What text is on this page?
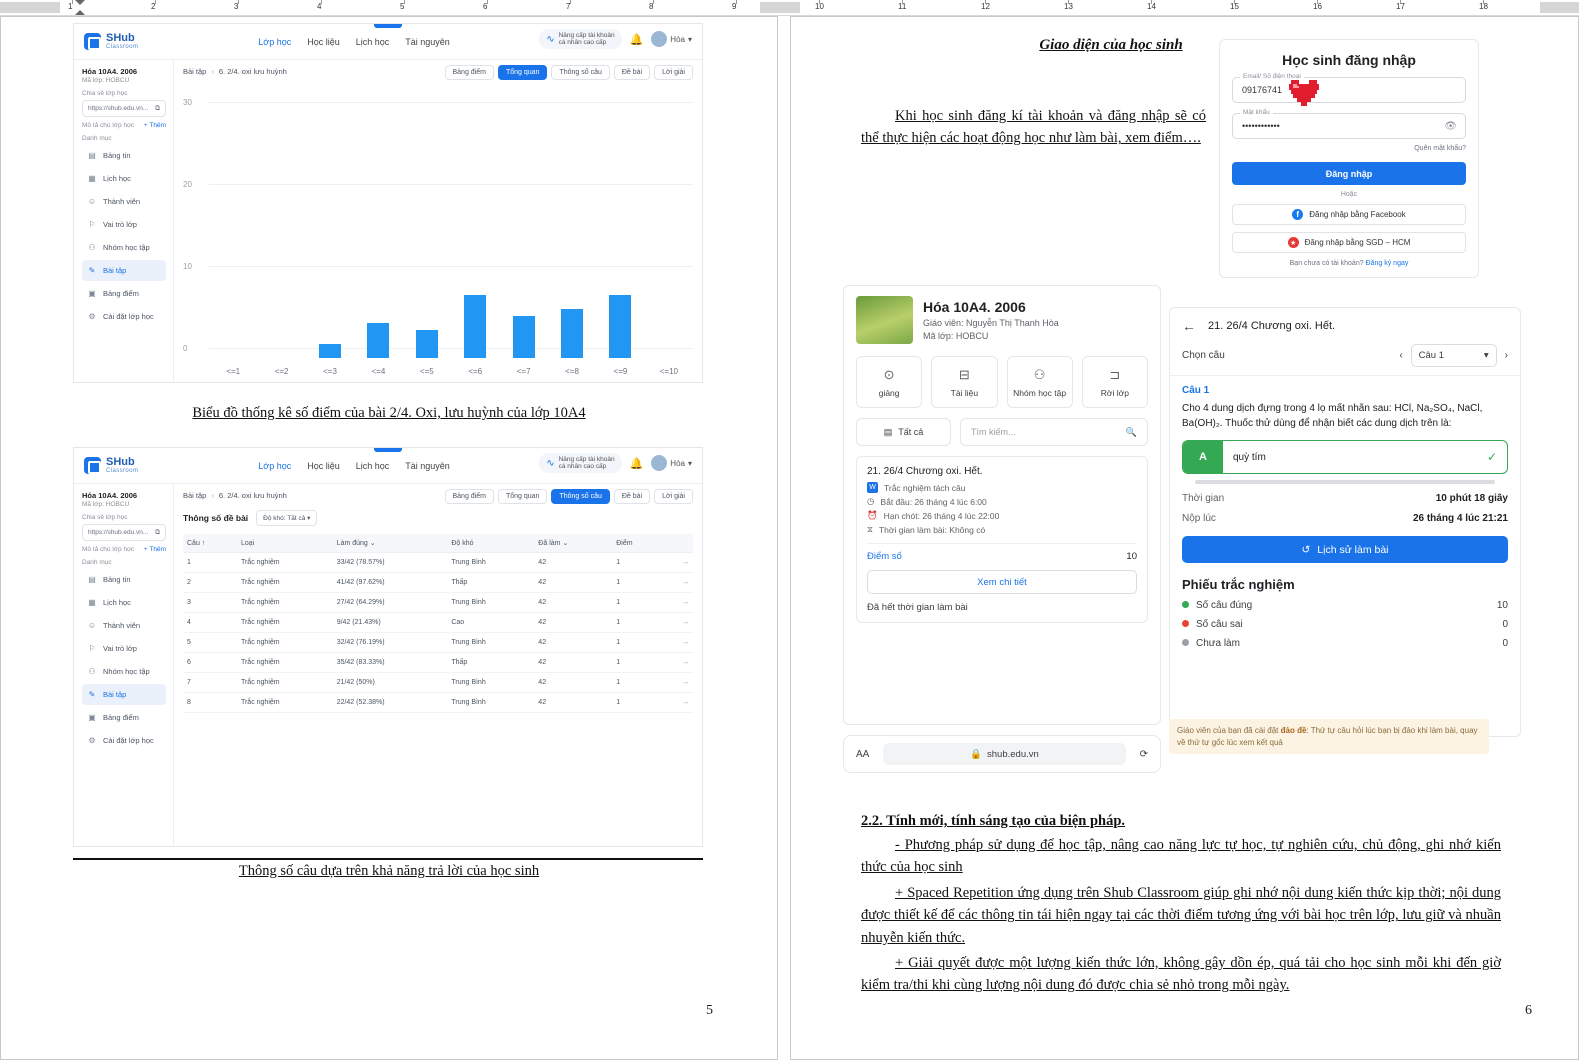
1	2	3	4	5	6	7	8	9	10	11	12	13	14	15	16	17	18
SHub
Classroom
Lớp học Học liệu Lịch học Tài nguyên	∿ Nâng cấp tài khoản
cá nhân cao cấp	🔔	Hòa ▾
Hóa 10A4. 2006
Mã lớp: HOBCU
Chia sẻ lớp học
https://shub.edu.vn... ⧉
Mô tả cho lớp học + Thêm
Danh mục
▤ Bảng tin
▦ Lịch học
☺ Thành viên
⚐ Vai trò lớp
⚇ Nhóm học tập
✎ Bài tập
▣ Bảng điểm
⚙ Cài đặt lớp học
Bài tập › 6. 2/4. oxi lưu huỳnh	Bảng điểm	Tổng quan	Thông số câu	Đề bài	Lời giải
30
20
10
0
<=1	<=2	<=3	<=4	<=5	<=6	<=7	<=8	<=9	<=10
Biểu đồ thống kê số điểm của bài 2/4. Oxi, lưu huỳnh của lớp 10A4
SHub
Classroom
Lớp học Học liệu Lịch học Tài nguyên	∿ Nâng cấp tài khoản
cá nhân cao cấp	🔔	Hòa ▾
Hóa 10A4. 2006
Mã lớp: HOBCU
Chia sẻ lớp học
https://shub.edu.vn... ⧉
Mô tả cho lớp học + Thêm
Danh mục
▤ Bảng tin
▦ Lịch học
☺ Thành viên
⚐ Vai trò lớp
⚇ Nhóm học tập
✎ Bài tập
▣ Bảng điểm
⚙ Cài đặt lớp học
Bài tập › 6. 2/4. oxi lưu huỳnh	Bảng điểm	Tổng quan	Thông số câu	Đề bài	Lời giải
Thông số đề bài	Độ khó: Tất cả ▾
Câu ↑	Loại	Làm đúng ⌄	Độ khó	Đã làm ⌄	Điểm	
1	Trắc nghiệm	33/42 (78.57%)	Trung Bình	42	1	→
2	Trắc nghiệm	41/42 (97.62%)	Thấp	42	1	→
3	Trắc nghiệm	27/42 (64.29%)	Trung Bình	42	1	→
4	Trắc nghiệm	9/42 (21.43%)	Cao	42	1	→
5	Trắc nghiệm	32/42 (76.19%)	Trung Bình	42	1	→
6	Trắc nghiệm	35/42 (83.33%)	Thấp	42	1	→
7	Trắc nghiệm	21/42 (50%)	Trung Bình	42	1	→
8	Trắc nghiệm	22/42 (52.38%)	Trung Bình	42	1	→
Thông số câu dựa trên khả năng trả lời của học sinh
5
Giao diện của học sinh
Khi học sinh đăng kí tài khoản và đăng nhập sẽ có thể thực hiện các hoạt động học như làm bài, xem điểm….
Học sinh đăng nhập
Email/ Số điện thoại
09176741
Mật khẩu
••••••••••••	👁
Quên mật khẩu?
Đăng nhập
Hoặc
f	Đăng nhập bằng Facebook
★ Đăng nhập bằng SGD – HCM
Bạn chưa có tài khoản? Đăng ký ngay
Hóa 10A4. 2006
Giáo viên: Nguyễn Thị Thanh Hòa
Mã lớp: HOBCU
⊙
giảng
⊟
Tài liệu
⚇
Nhóm học tập
⊐
Rời lớp
▤ Tất cả	Tìm kiếm...	🔍
21. 26/4 Chương oxi. Hết.
W Trắc nghiệm tách câu
◷ Bắt đầu: 26 tháng 4 lúc 6:00
⏰ Hạn chót: 26 tháng 4 lúc 22:00
⧖ Thời gian làm bài: Không có
Điểm số	10
Xem chi tiết
Đã hết thời gian làm bài
AA	🔒 shub.edu.vn	⟳
← 21. 26/4 Chương oxi. Hết.
Chọn câu	‹ Câu 1	▾ ›
Câu 1
Cho 4 dung dịch đựng trong 4 lọ mất nhãn sau: HCl, Na₂SO₄, NaCl, Ba(OH)₂. Thuốc thử dùng để nhận biết các dung dịch trên là:
A	quỳ tím	✓
Thời gian	10 phút 18 giây
Nộp lúc	26 tháng 4 lúc 21:21
↺ Lịch sử làm bài
Phiếu trắc nghiệm
Số câu đúng	10
Số câu sai	0
Chưa làm	0
Giáo viên của bạn đã cài đặt đảo đề: Thứ tự câu hỏi lúc bạn bị đảo khi làm bài, quay về thứ tự gốc lúc xem kết quả
2.2. Tính mới, tính sáng tạo của biện pháp.
- Phương pháp sử dụng để học tập, nâng cao năng lực tự học, tự nghiên cứu, chủ động, ghi nhớ kiến thức của học sinh
+ Spaced Repetition ứng dụng trên Shub Classroom giúp ghi nhớ nội dung kiến thức kịp thời; nội dung được thiết kế để các thông tin tái hiện ngay tại các thời điểm tương ứng với bài học trên lớp, lưu giữ và nhuần nhuyễn kiến thức.
+ Giải quyết được một lượng kiến thức lớn, không gây dồn ép, quá tải cho học sinh mỗi khi đến giờ kiểm tra/thi khi cùng lượng nội dung đó được chia sẻ nhỏ trong mỗi ngày.
6
